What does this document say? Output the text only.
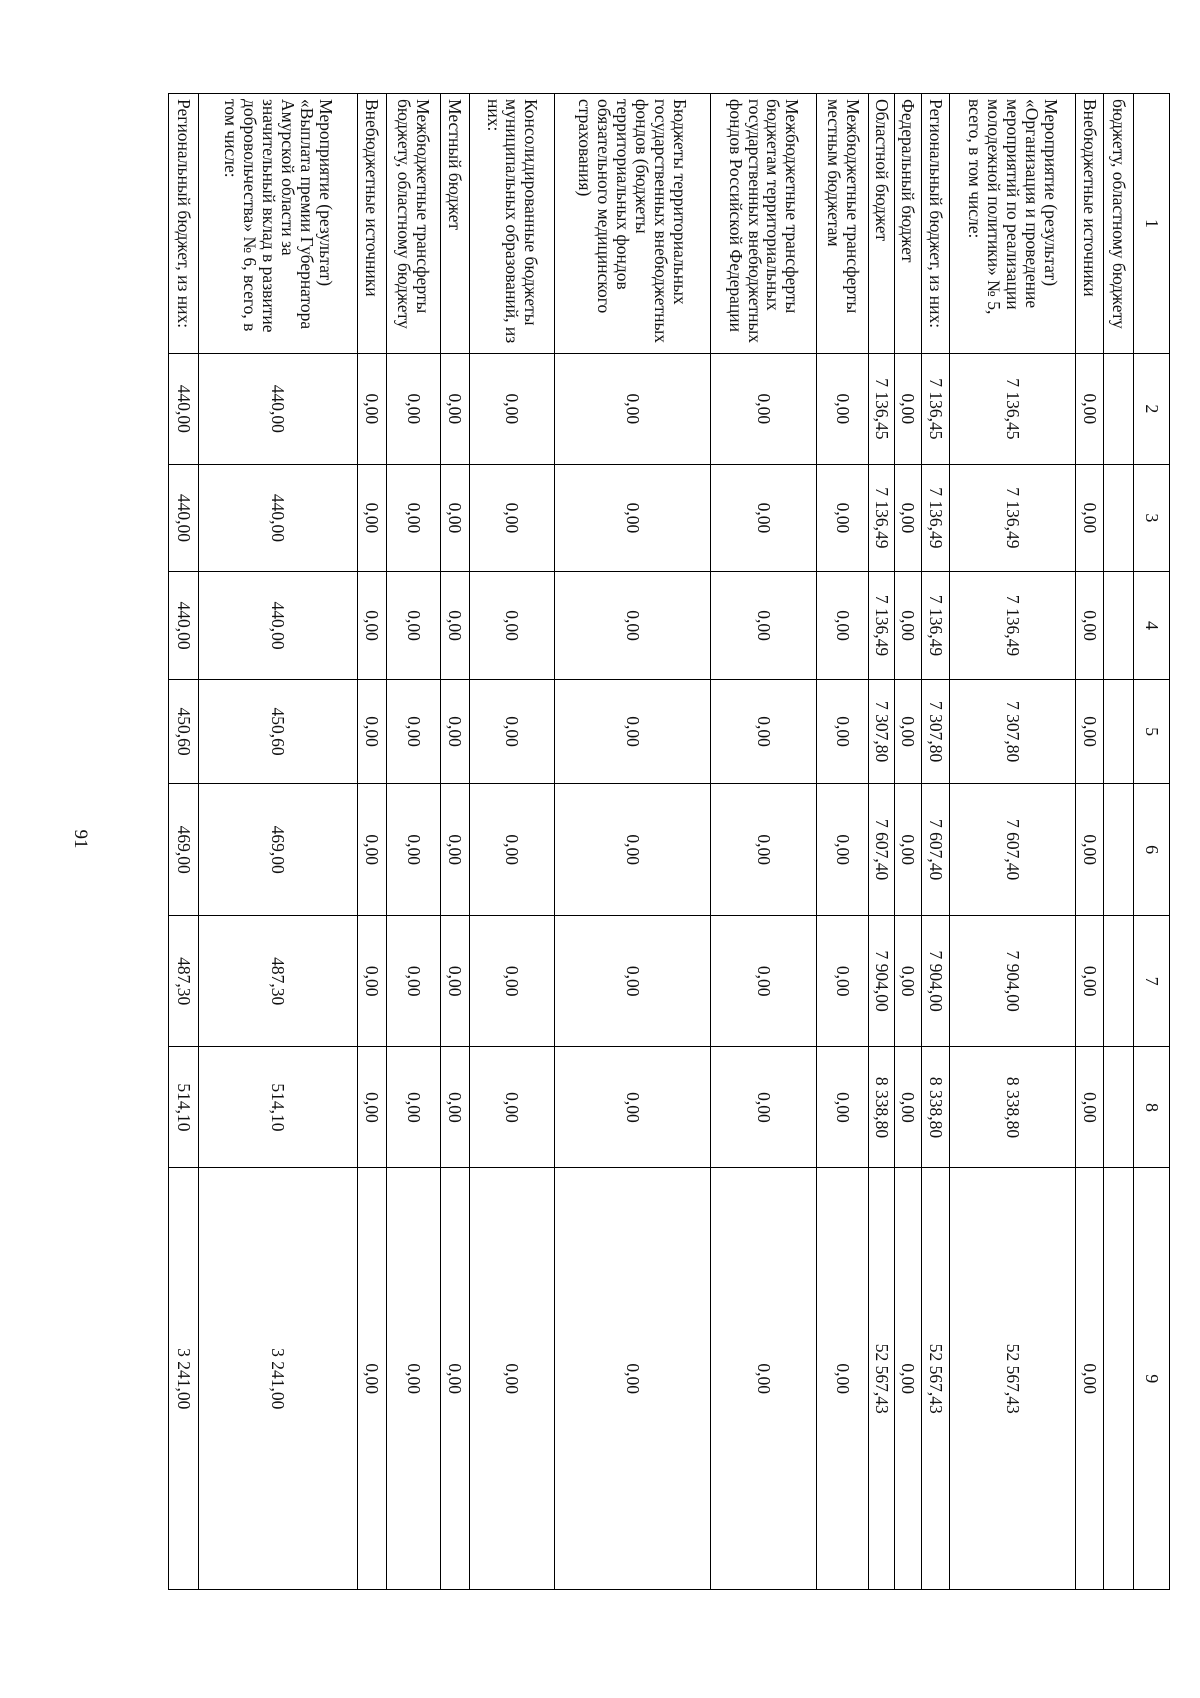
91
1	2	3	4	5	6	7	8	9
бюджету, областному бюджету								
Внебюджетные источники	0,00	0,00	0,00	0,00	0,00	0,00	0,00	0,00
Мероприятие (результат) «Организация и проведение мероприятий по реализации молодежной политики» № 5, всего, в том числе:	7 136,45	7 136,49	7 136,49	7 307,80	7 607,40	7 904,00	8 338,80	52 567,43
Региональный бюджет, из них:	7 136,45	7 136,49	7 136,49	7 307,80	7 607,40	7 904,00	8 338,80	52 567,43
Федеральный бюджет	0,00	0,00	0,00	0,00	0,00	0,00	0,00	0,00
Областной бюджет	7 136,45	7 136,49	7 136,49	7 307,80	7 607,40	7 904,00	8 338,80	52 567,43
Межбюджетные трансферты местным бюджетам	0,00	0,00	0,00	0,00	0,00	0,00	0,00	0,00
Межбюджетные трансферты бюджетам территориальных государственных внебюджетных фондов Российской Федерации	0,00	0,00	0,00	0,00	0,00	0,00	0,00	0,00
Бюджеты территориальных государственных внебюджетных фондов (бюджеты территориальных фондов обязательного медицинского страхования)	0,00	0,00	0,00	0,00	0,00	0,00	0,00	0,00
Консолидированные бюджеты муниципальных образований, из них:	0,00	0,00	0,00	0,00	0,00	0,00	0,00	0,00
Местный бюджет	0,00	0,00	0,00	0,00	0,00	0,00	0,00	0,00
Межбюджетные трансферты бюджету, областному бюджету	0,00	0,00	0,00	0,00	0,00	0,00	0,00	0,00
Внебюджетные источники	0,00	0,00	0,00	0,00	0,00	0,00	0,00	0,00
Мероприятие (результат) «Выплата премии Губернатора Амурской области за значительный вклад в развитие добровольчества» № 6, всего, в том числе:	440,00	440,00	440,00	450,60	469,00	487,30	514,10	3 241,00
Региональный бюджет, из них:	440,00	440,00	440,00	450,60	469,00	487,30	514,10	3 241,00
